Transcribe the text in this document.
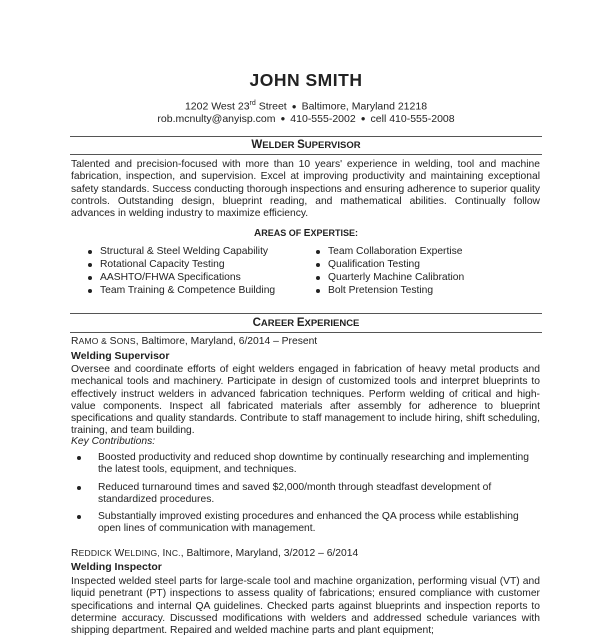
JOHN SMITH
1202 West 23rd Street ● Baltimore, Maryland 21218
rob.mcnulty@anyisp.com ● 410-555-2002 ● cell 410-555-2008
WELDER SUPERVISOR
Talented and precision-focused with more than 10 years' experience in welding, tool and machine fabrication, inspection, and supervision. Excel at improving productivity and maintaining exceptional safety standards. Success conducting thorough inspections and ensuring adherence to superior quality controls. Outstanding design, blueprint reading, and mathematical abilities. Continually follow advances in welding industry to maximize efficiency.
AREAS OF EXPERTISE:
Structural & Steel Welding Capability
Rotational Capacity Testing
AASHTO/FHWA Specifications
Team Training & Competence Building
Team Collaboration Expertise
Qualification Testing
Quarterly Machine Calibration
Bolt Pretension Testing
CAREER EXPERIENCE
RAMO & SONS, Baltimore, Maryland, 6/2014 – Present
Welding Supervisor
Oversee and coordinate efforts of eight welders engaged in fabrication of heavy metal products and mechanical tools and machinery. Participate in design of customized tools and interpret blueprints to effectively instruct welders in advanced fabrication techniques. Perform welding of critical and high-value components. Inspect all fabricated materials after assembly for adherence to blueprint specifications and quality standards. Contribute to staff management to include hiring, shift scheduling, training, and team building.
Key Contributions:
Boosted productivity and reduced shop downtime by continually researching and implementing the latest tools, equipment, and techniques.
Reduced turnaround times and saved $2,000/month through steadfast development of standardized procedures.
Substantially improved existing procedures and enhanced the QA process while establishing open lines of communication with management.
REDDICK WELDING, INC., Baltimore, Maryland, 3/2012 – 6/2014
Welding Inspector
Inspected welded steel parts for large-scale tool and machine organization, performing visual (VT) and liquid penetrant (PT) inspections to assess quality of fabrications; ensured compliance with customer specifications and internal QA guidelines. Checked parts against blueprints and inspection reports to determine accuracy. Discussed modifications with welders and addressed schedule variances with shipping department. Repaired and welded machine parts and plant equipment;
